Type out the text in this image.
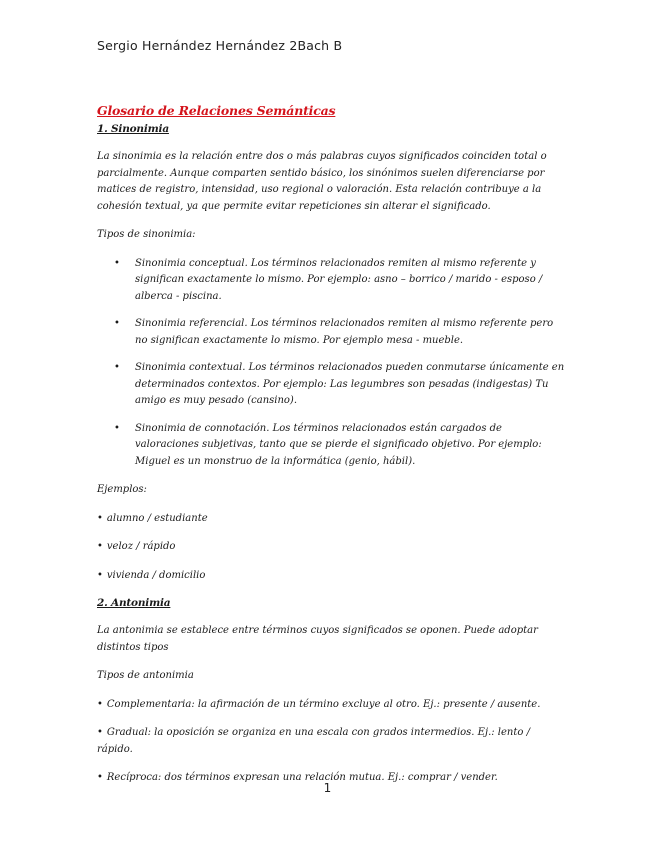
Sergio Hernández Hernández 2Bach B
Glosario de Relaciones Semánticas
1. Sinonimia

La sinonimia es la relación entre dos o más palabras cuyos significados coinciden total o parcialmente. Aunque comparten sentido básico, los sinónimos suelen diferenciarse por matices de registro, intensidad, uso regional o valoración. Esta relación contribuye a la cohesión textual, ya que permite evitar repeticiones sin alterar el significado.

Tipos de sinonimia:

• Sinonimia conceptual. Los términos relacionados remiten al mismo referente y significan exactamente lo mismo. Por ejemplo: asno – borrico / marido - esposo / alberca - piscina.
• Sinonimia referencial. Los términos relacionados remiten al mismo referente pero no significan exactamente lo mismo. Por ejemplo mesa - mueble.
• Sinonimia contextual. Los términos relacionados pueden conmutarse únicamente en determinados contextos. Por ejemplo: Las legumbres son pesadas (indigestas) Tu amigo es muy pesado (cansino).
• Sinonimia de connotación. Los términos relacionados están cargados de valoraciones subjetivas, tanto que se pierde el significado objetivo. Por ejemplo: Miguel es un monstruo de la informática (genio, hábil).

Ejemplos:

• alumno / estudiante
• veloz / rápido
• vivienda / domicilio
2. Antonimia

La antonimia se establece entre términos cuyos significados se oponen. Puede adoptar distintos tipos

Tipos de antonimia

• Complementaria: la afirmación de un término excluye al otro. Ej.: presente / ausente.
• Gradual: la oposición se organiza en una escala con grados intermedios. Ej.: lento / rápido.
• Recíproca: dos términos expresan una relación mutua. Ej.: comprar / vender.
1
